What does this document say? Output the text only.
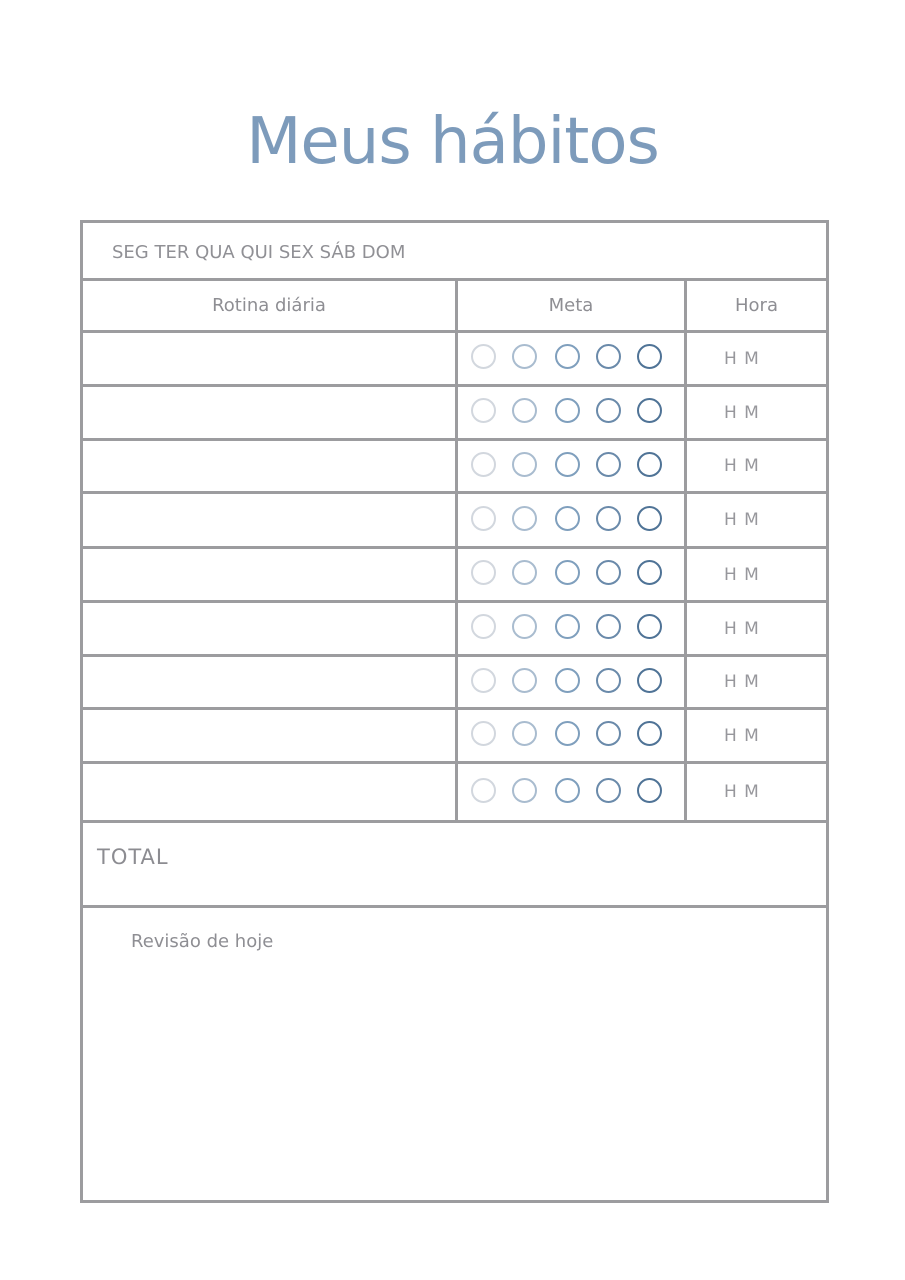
Meus hábitos
SEG TER QUA QUI SEX SÁB DOM
Rotina diária	Meta	Hora
H M
H M
H M
H M
H M
H M
H M
H M
H M
TOTAL
Revisão de hoje
